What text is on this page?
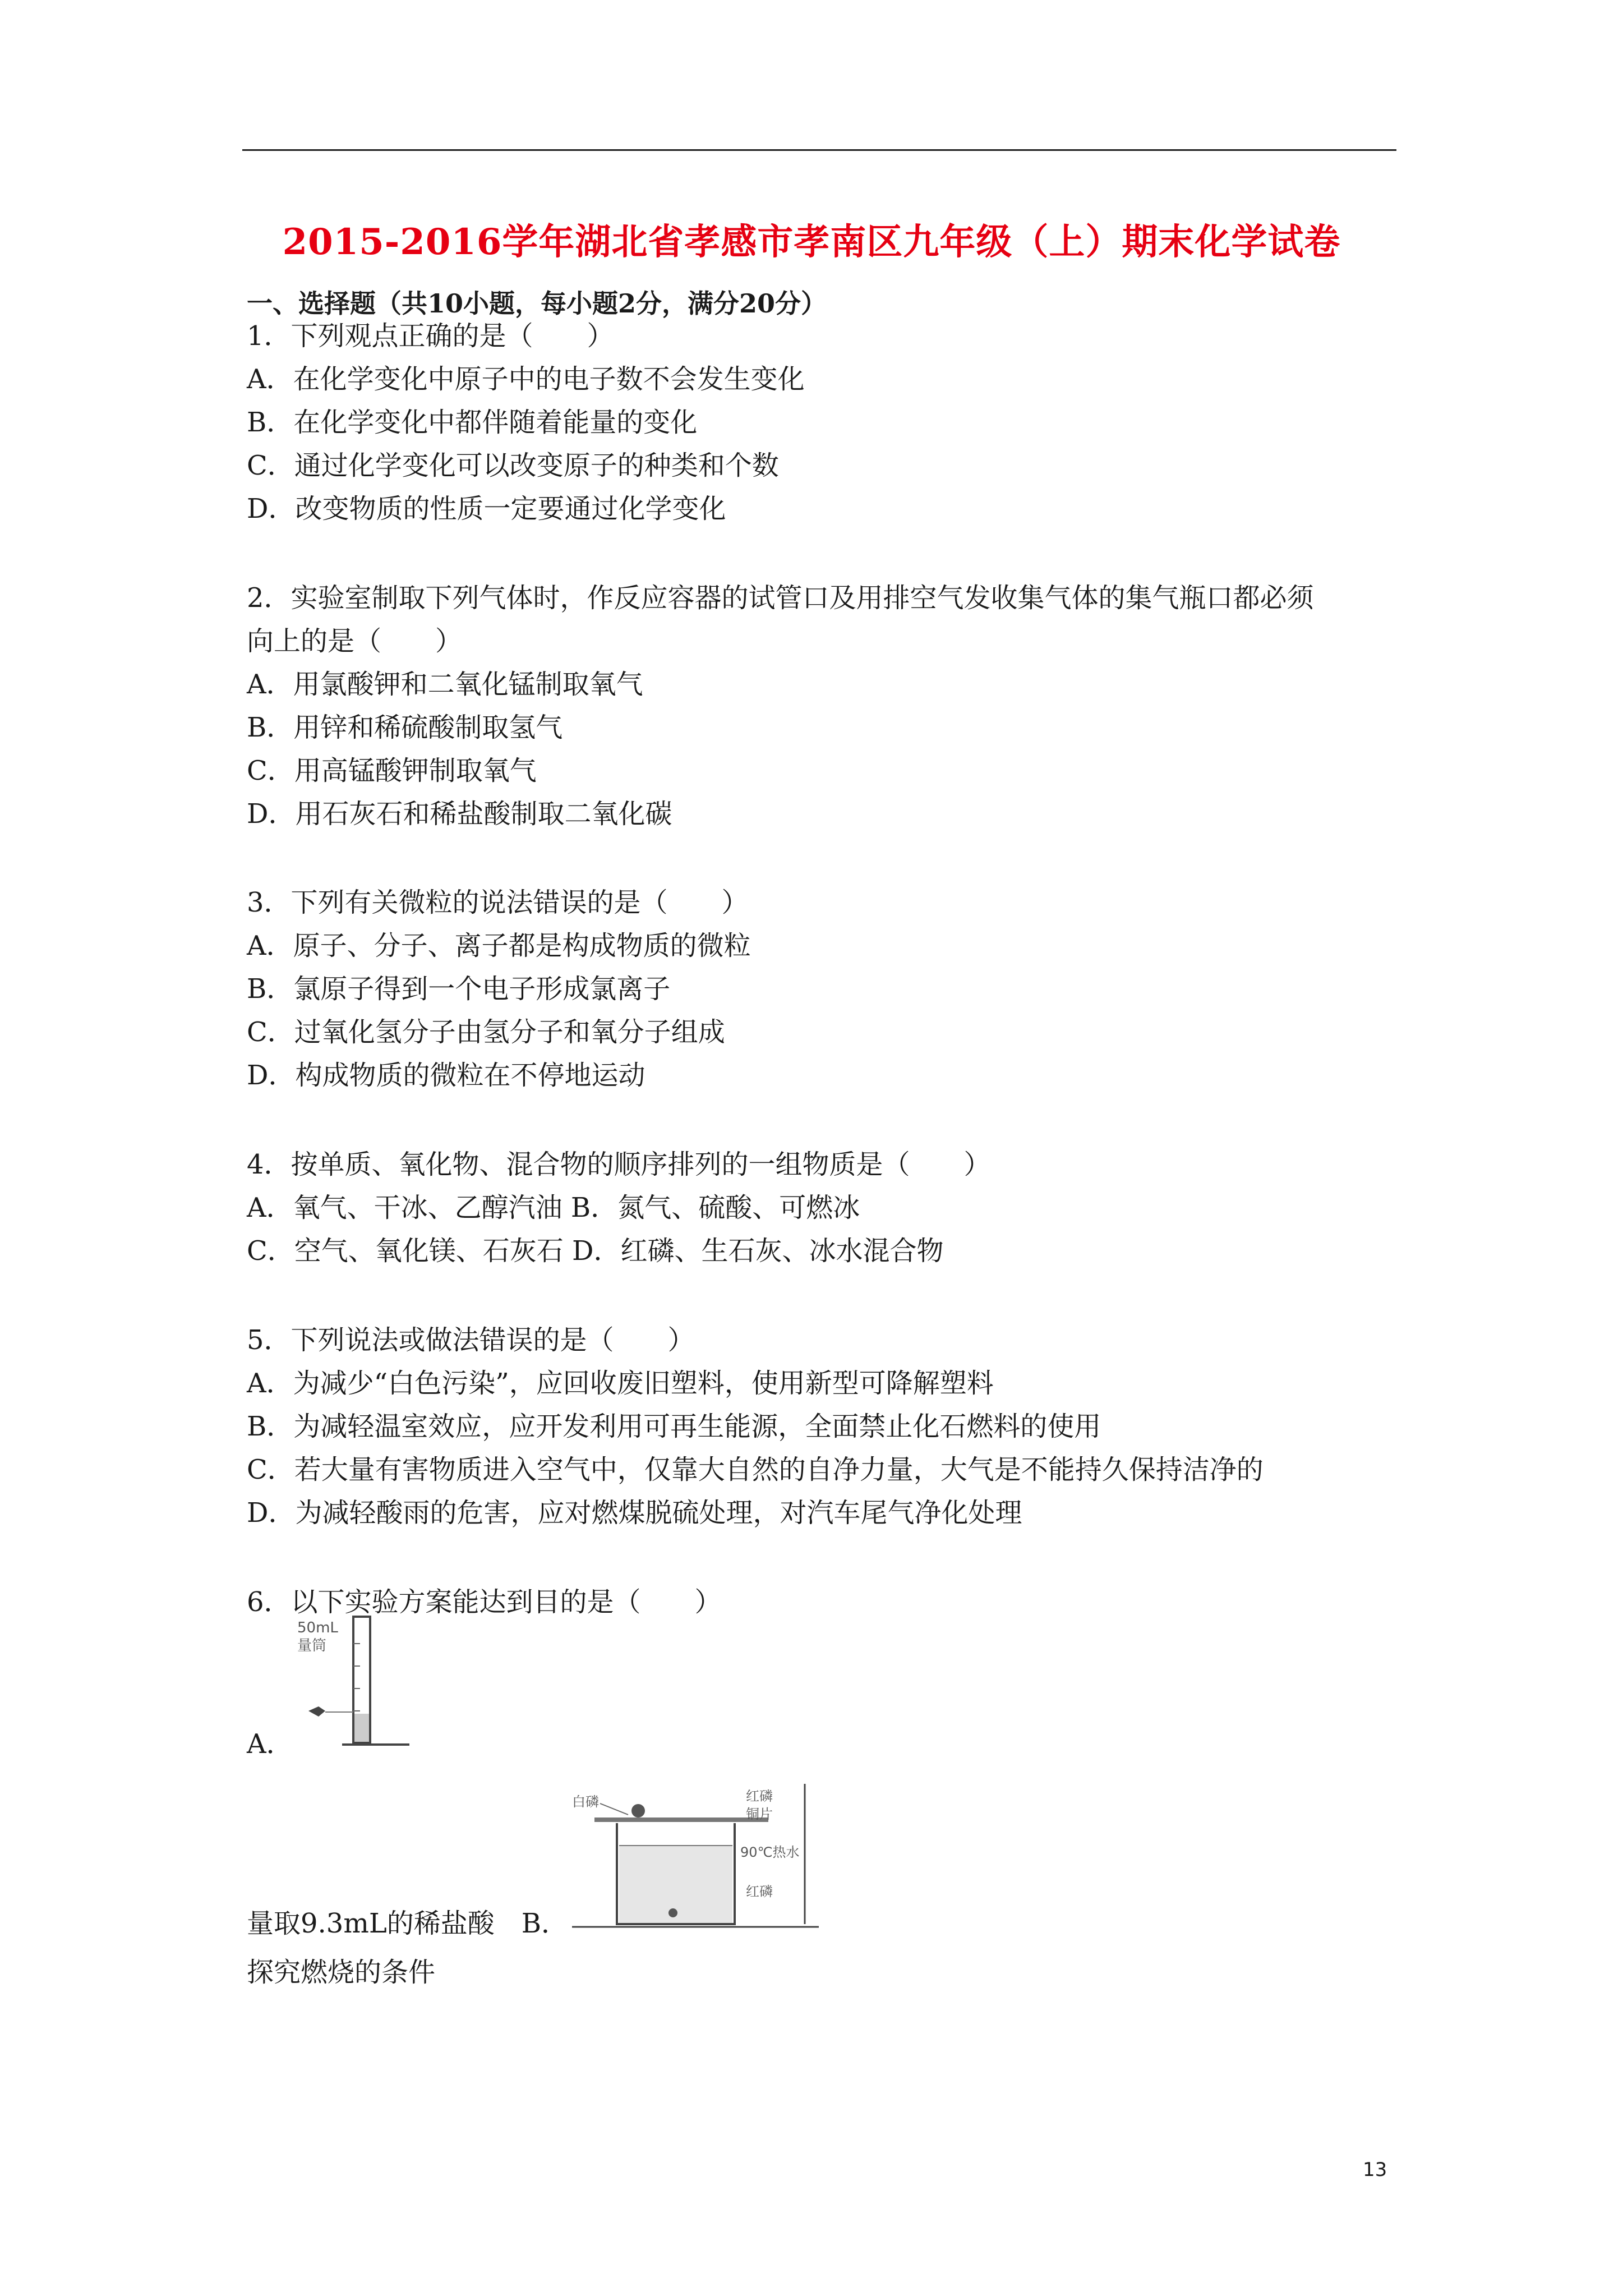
2015-2016学年湖北省孝感市孝南区九年级（上）期末化学试卷
一、选择题（共10小题，每小题2分，满分20分）
1．下列观点正确的是（　　）
A．在化学变化中原子中的电子数不会发生变化
B．在化学变化中都伴随着能量的变化
C．通过化学变化可以改变原子的种类和个数
D．改变物质的性质一定要通过化学变化
2．实验室制取下列气体时，作反应容器的试管口及用排空气发收集气体的集气瓶口都必须
向上的是（　　）
A．用氯酸钾和二氧化锰制取氧气
B．用锌和稀硫酸制取氢气
C．用高锰酸钾制取氧气
D．用石灰石和稀盐酸制取二氧化碳
3．下列有关微粒的说法错误的是（　　）
A．原子、分子、离子都是构成物质的微粒
B．氯原子得到一个电子形成氯离子
C．过氧化氢分子由氢分子和氧分子组成
D．构成物质的微粒在不停地运动
4．按单质、氧化物、混合物的顺序排列的一组物质是（　　）
A．氧气、干冰、乙醇汽油 B．氮气、硫酸、可燃冰
C．空气、氧化镁、石灰石 D．红磷、生石灰、冰水混合物
5．下列说法或做法错误的是（　　）
A．为减少“白色污染”，应回收废旧塑料，使用新型可降解塑料
B．为减轻温室效应，应开发利用可再生能源，全面禁止化石燃料的使用
C．若大量有害物质进入空气中，仅靠大自然的自净力量，大气是不能持久保持洁净的
D．为减轻酸雨的危害，应对燃煤脱硫处理，对汽车尾气净化处理
6．以下实验方案能达到目的是（　　）
50mL
量筒
A．
白磷	红磷
铜片
90℃热水
红磷
量取9.3mL的稀盐酸　B．
探究燃烧的条件
13
